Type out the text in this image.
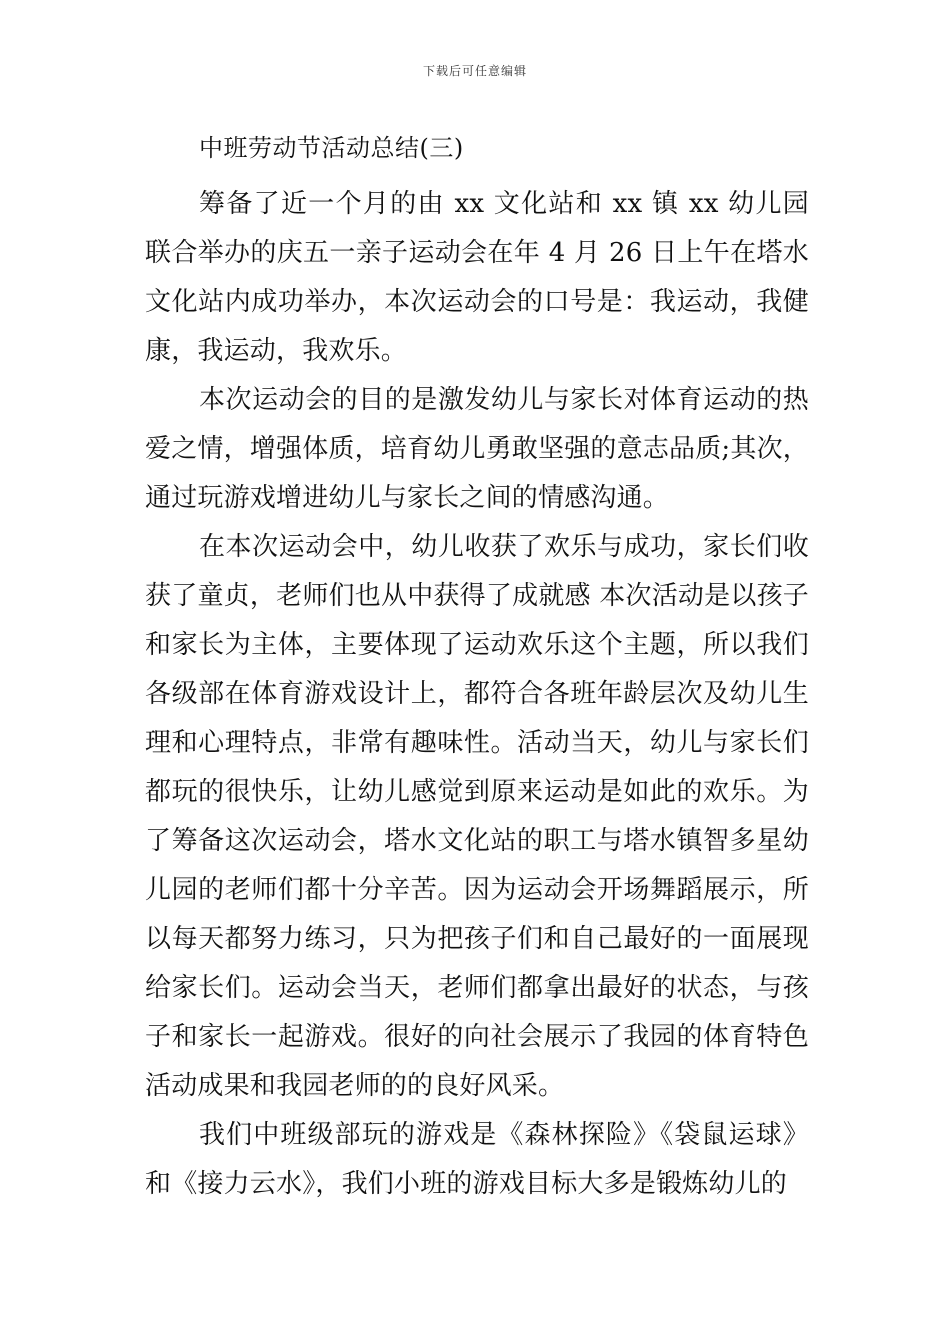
下载后可任意编辑
中班劳动节活动总结(三)

筹备了近一个月的由 xx 文化站和 xx 镇 xx 幼儿园联合举办的庆五一亲子运动会在年 4 月 26 日上午在塔水文化站内成功举办，本次运动会的口号是：我运动，我健康，我运动，我欢乐。

本次运动会的目的是激发幼儿与家长对体育运动的热爱之情，增强体质，培育幼儿勇敢坚强的意志品质;其次，通过玩游戏增进幼儿与家长之间的情感沟通。

在本次运动会中，幼儿收获了欢乐与成功，家长们收获了童贞，老师们也从中获得了成就感 本次活动是以孩子和家长为主体，主要体现了运动欢乐这个主题，所以我们各级部在体育游戏设计上，都符合各班年龄层次及幼儿生理和心理特点，非常有趣味性。活动当天，幼儿与家长们都玩的很快乐，让幼儿感觉到原来运动是如此的欢乐。为了筹备这次运动会，塔水文化站的职工与塔水镇智多星幼儿园的老师们都十分辛苦。因为运动会开场舞蹈展示，所以每天都努力练习，只为把孩子们和自己最好的一面展现给家长们。运动会当天，老师们都拿出最好的状态，与孩子和家长一起游戏。很好的向社会展示了我园的体育特色活动成果和我园老师的的良好风采。

我们中班级部玩的游戏是《森林探险》《袋鼠运球》和《接力云水》，我们小班的游戏目标大多是锻炼幼儿的
